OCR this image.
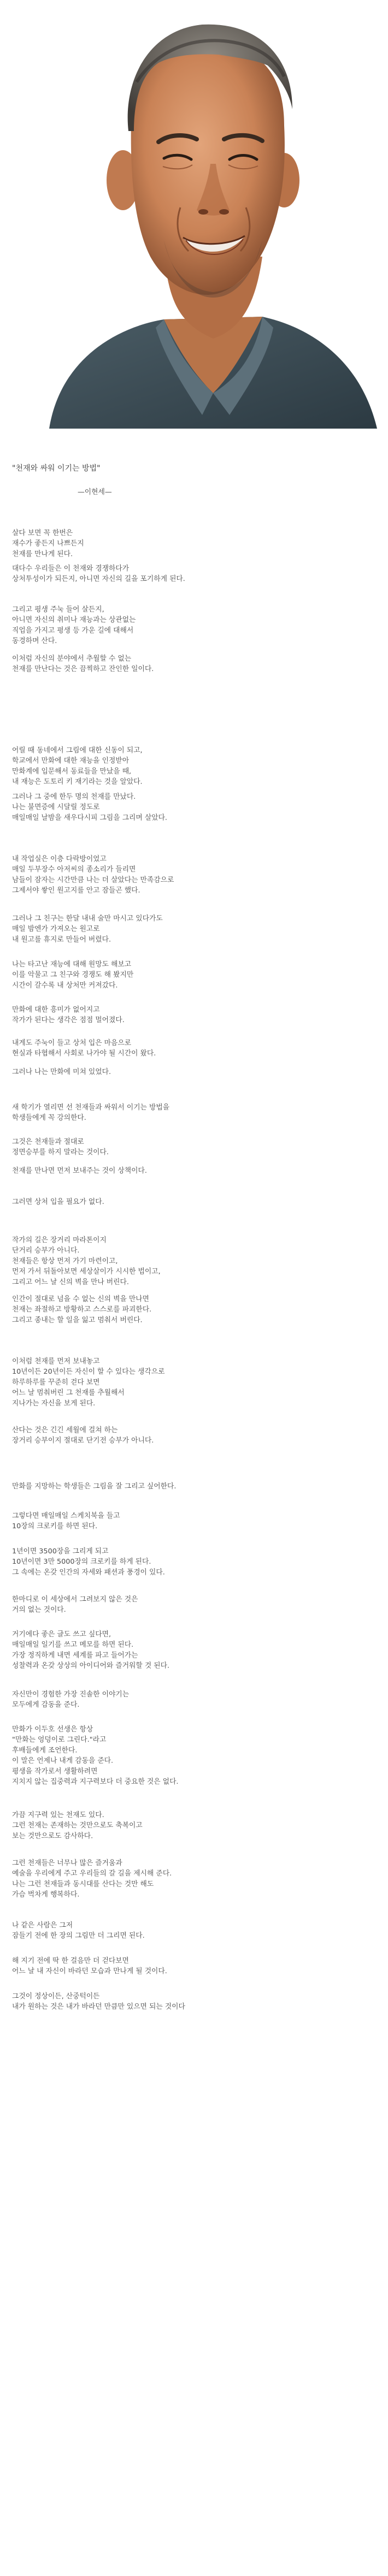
"천재와 싸워 이기는 방법"
—이현세—
살다 보면 꼭 한번은
재수가 좋든지 나쁘든지
천재를 만나게 된다.
대다수 우리들은 이 천재와 경쟁하다가
상처투성이가 되든지, 아니면 자신의 길을 포기하게 된다.
그리고 평생 주눅 들어 살든지,
아니면 자신의 취미나 재능과는 상관없는
직업을 가지고 평생 등 가운 길에 대해서
동경하며 산다.
이처럼 자신의 분야에서 추월할 수 없는
천재를 만난다는 것은 끔찍하고 잔인한 일이다.
어릴 때 동네에서 그림에 대한 신동이 되고,
학교에서 만화에 대한 재능을 인정받아
만화계에 입문해서 동료들을 만났을 때,
내 재능은 도토리 키 재기라는 것을 알았다.
그러나 그 중에 한두 명의 천재를 만났다.
나는 불면증에 시달릴 정도로
매일매일 날밤을 새우다시피 그림을 그리며 살았다.
내 작업실은 이층 다락방이었고
매일 두부장수 아저씨의 종소리가 들리면
남들이 잠자는 시간만큼 나는 더 살았다는 만족감으로
그제서야 쌓인 원고지를 안고 잠들곤 했다.
그러나 그 친구는 한달 내내 술만 마시고 있다가도
매일 밤엔가 가져오는 원고로
내 원고를 휴지로 만들어 버렸다.
나는 타고난 재능에 대해 원망도 해보고
이를 악물고 그 친구와 경쟁도 해 봤지만
시간이 갈수록 내 상처만 커져갔다.
만화에 대한 흥미가 없어지고
작가가 된다는 생각은 점점 멀어졌다.
내게도 주눅이 들고 상처 입은 마음으로
현실과 타협해서 사회로 나가야 될 시간이 왔다.
그러나 나는 만화에 미쳐 있었다.
새 학기가 열리면 선 천재들과 싸워서 이기는 방법을
학생들에게 꼭 강의한다.
그것은 천재들과 절대로
정면승부를 하지 말라는 것이다.
천재를 만나면 먼저 보내주는 것이 상책이다.
그러면 상처 입을 필요가 없다.
작가의 길은 장거리 마라톤이지
단거리 승부가 아니다.
천재들은 항상 먼저 가기 마련이고,
먼저 가서 뒤돌아보면 세상살이가 시시한 법이고,
그리고 어느 날 신의 벽을 만나 버린다.
인간이 절대로 넘을 수 없는 신의 벽을 만나면
천재는 좌절하고 방황하고 스스로를 파괴한다.
그리고 종내는 할 일을 잃고 멈춰서 버린다.
이처럼 천재를 먼저 보내놓고
10년이든 20년이든 자신이 할 수 있다는 생각으로
하루하루를 꾸준히 걷다 보면
어느 날 멈춰버린 그 천재를 추월해서
지나가는 자신을 보게 된다.
산다는 것은 긴긴 세월에 걸쳐 하는
장거리 승부이지 절대로 단기전 승부가 아니다.
만화를 지망하는 학생들은 그림을 잘 그리고 싶어한다.
그렇다면 매일매일 스케치북을 들고
10장의 크로키를 하면 된다.
1년이면 3500장을 그리게 되고
10년이면 3만 5000장의 크로키를 하게 된다.
그 속에는 온갖 인간의 자세와 패션과 풍경이 있다.
한마디로 이 세상에서 그려보지 않은 것은
거의 없는 것이다.
거기에다 좋은 글도 쓰고 싶다면,
매일매일 일기를 쓰고 메모를 하면 된다.
가장 정직하게 내면 세계를 파고 들어가는
성찰력과 온갖 상상의 아이디어와 즐거워할 것 된다.
자신만이 경험한 가장 진솔한 이야기는
모두에게 감동을 준다.
만화가 이두호 선생은 항상
"만화는 엉덩이로 그린다."라고
후배들에게 조언한다.
이 말은 언제나 내게 감동을 준다.
평생을 작가로서 생활하려면
지치지 않는 집중력과 지구력보다 더 중요한 것은 없다.
가끔 지구력 있는 천재도 있다.
그런 천재는 존재하는 것만으로도 축복이고
보는 것만으로도 감사하다.
그런 천재들은 너무나 많은 즐거움과
예술을 우리에게 주고 우리들의 갈 길을 제시해 준다.
나는 그런 천재들과 동시대를 산다는 것만 해도
가슴 벅차게 행복하다.
나 같은 사람은 그저
잠들기 전에 한 장의 그림만 더 그리면 된다.
해 지기 전에 딱 한 걸음만 더 걷다보면
어느 날 내 자신이 바라던 모습과 만나게 될 것이다.
그것이 정상이든, 산중턱이든
내가 원하는 것은 내가 바라던 만큼만 있으면 되는 것이다
